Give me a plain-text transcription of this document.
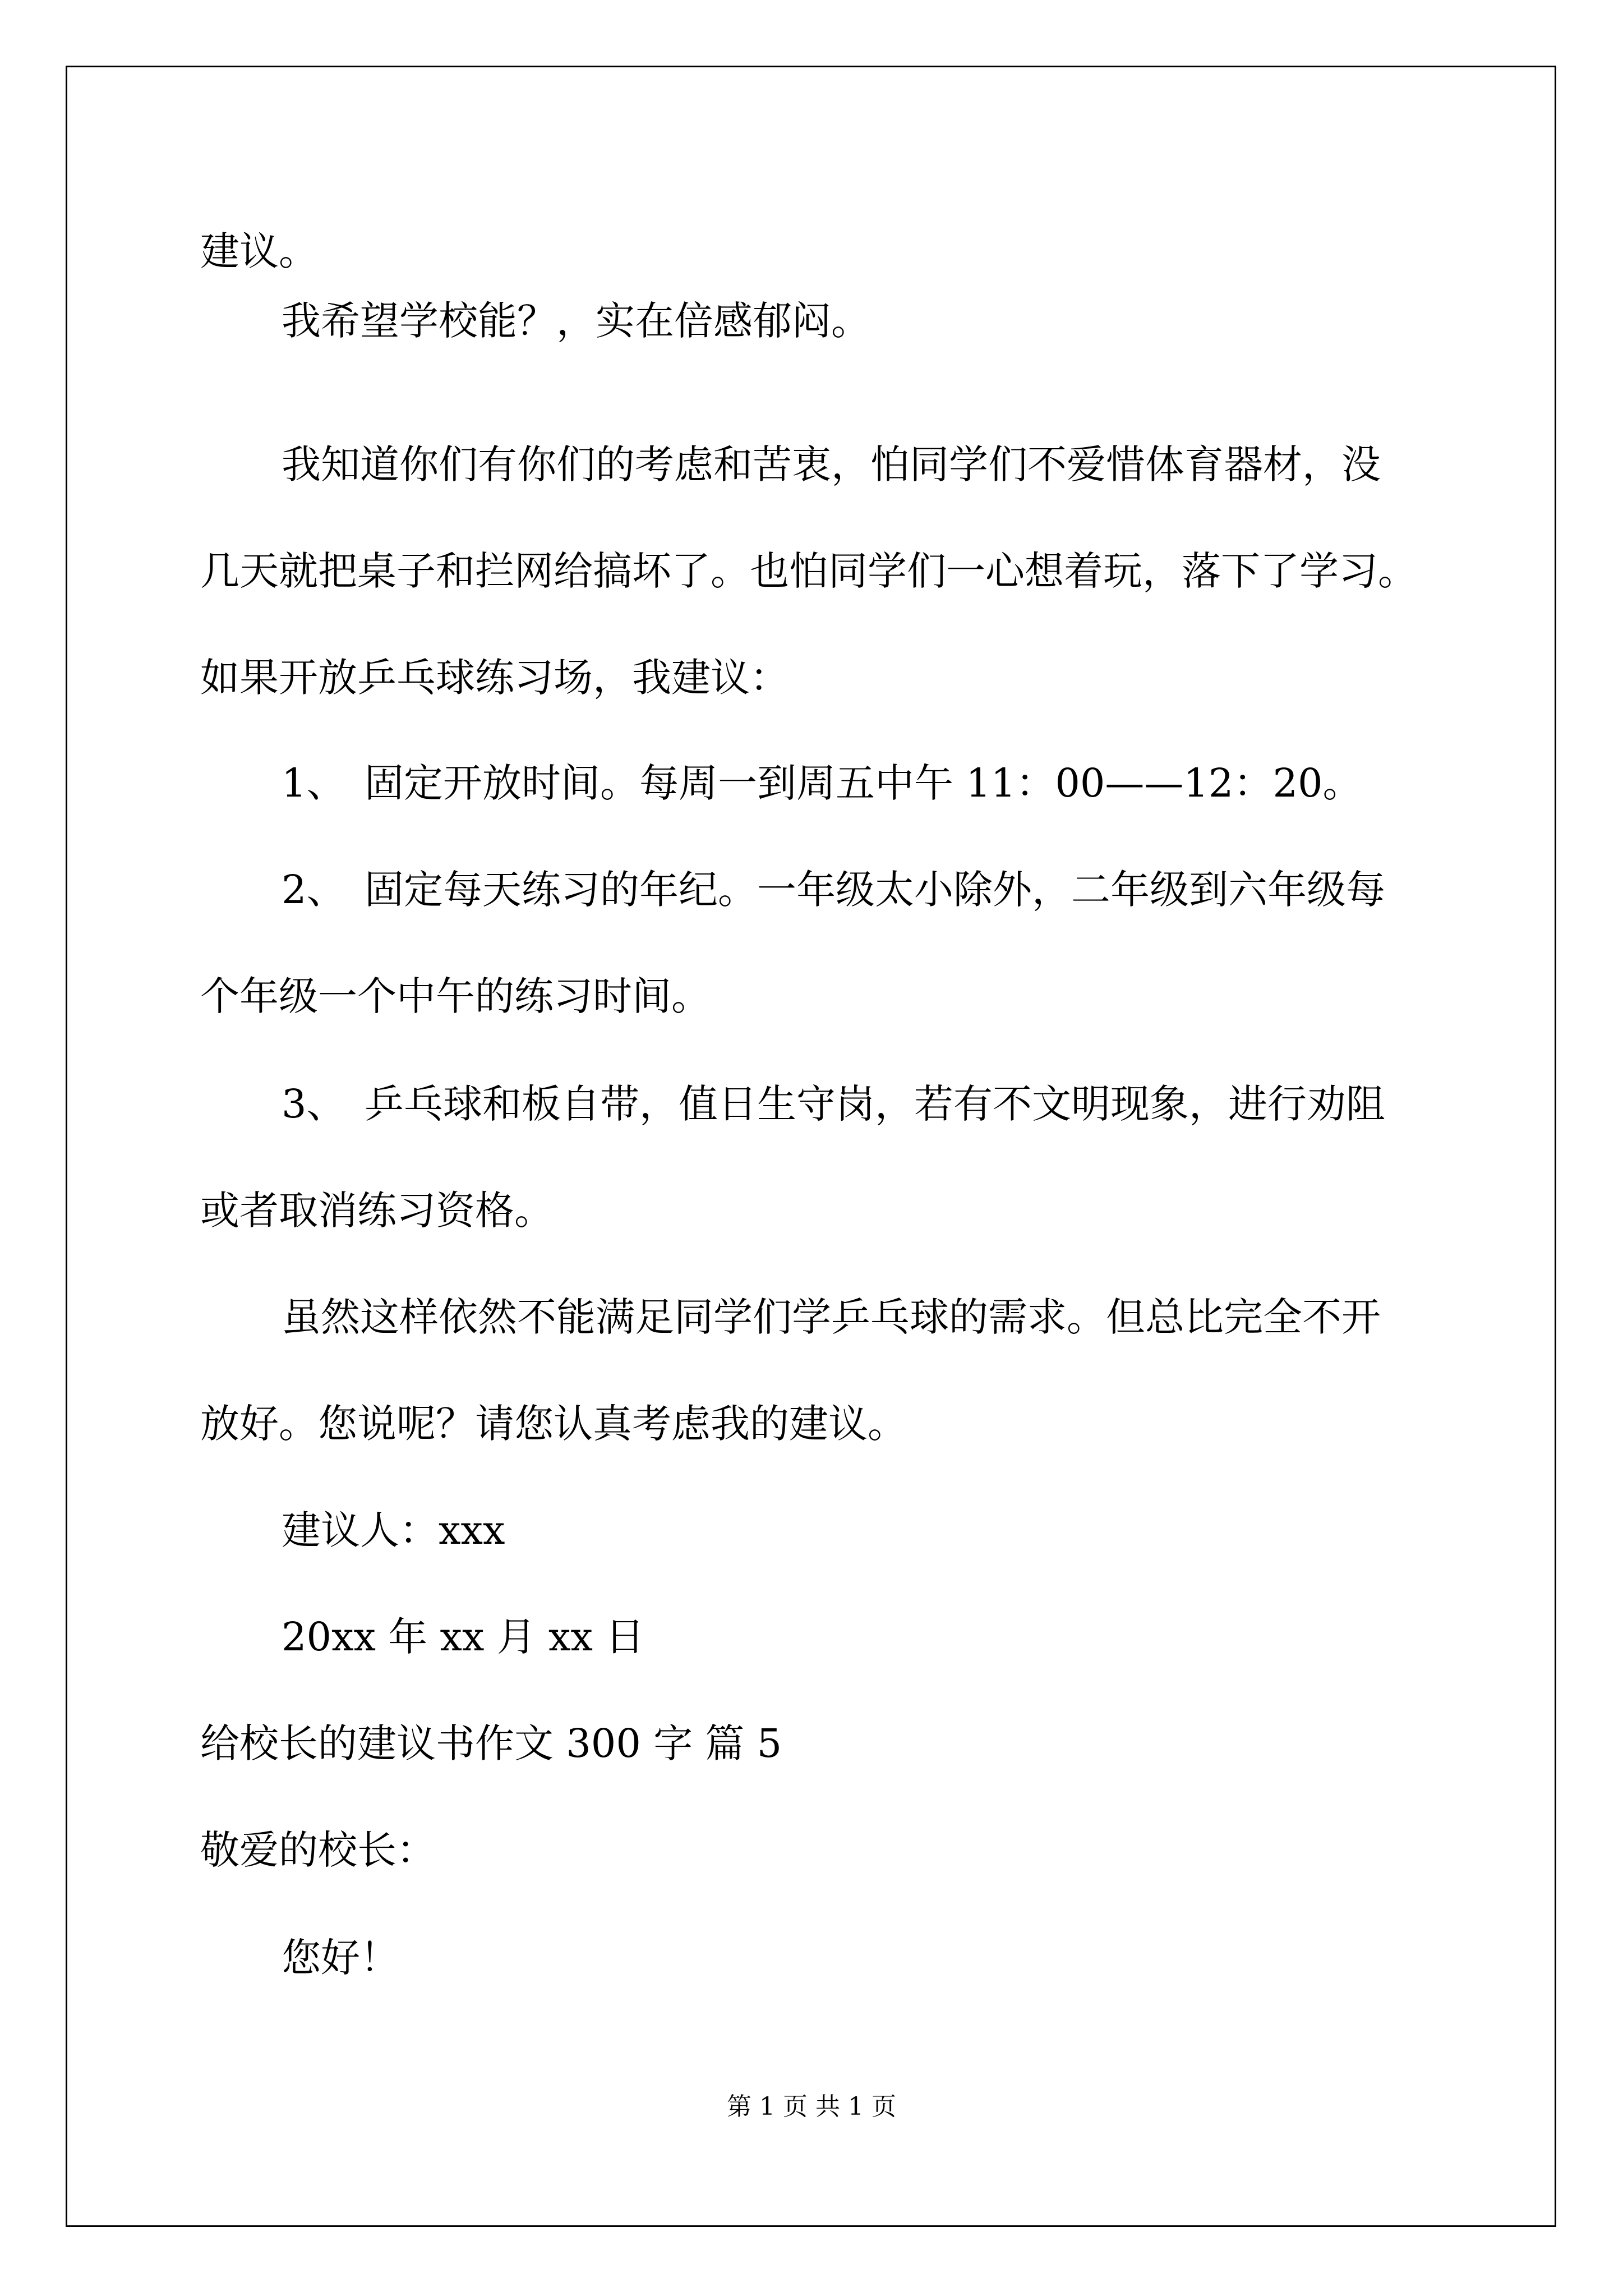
建议。

我希望学校能？，实在倍感郁闷。

我知道你们有你们的考虑和苦衷，怕同学们不爱惜体育器材，没

几天就把桌子和拦网给搞坏了。也怕同学们一心想着玩，落下了学习。

如果开放乒乓球练习场，我建议：

1、 固定开放时间。每周一到周五中午 11：00——12：20。
2、 固定每天练习的年纪。一年级太小除外，二年级到六年级每

个年级一个中午的练习时间。

3、 乒乓球和板自带，值日生守岗，若有不文明现象，进行劝阻

或者取消练习资格。

虽然这样依然不能满足同学们学乒乓球的需求。但总比完全不开

放好。您说呢？请您认真考虑我的建议。

建议人：xxx

20xx 年 xx 月 xx 日

给校长的建议书作文 300 字 篇 5

敬爱的校长：

您好！

第 1 页 共 1 页
